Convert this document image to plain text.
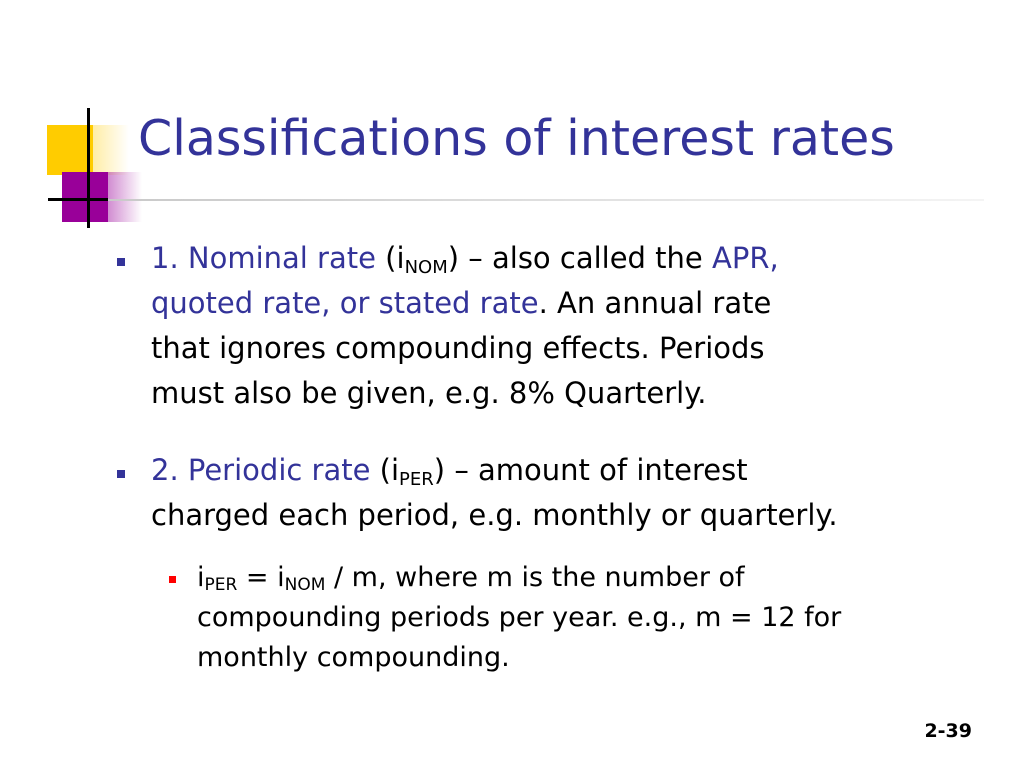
Classifications of interest rates
1. Nominal rate $(i_{NOM})$ – also called the APR,
quoted rate, or stated rate. An annual rate
that ignores compounding effects. Periods
must also be given, e.g. 8% Quarterly.
2. Periodic rate $(i_{PER})$ – amount of interest
charged each period, e.g. monthly or quarterly.
$i_{PER} = i_{NOM} / m$, where m is the number of
compounding periods per year. e.g., m = 12 for
monthly compounding.
2-39
